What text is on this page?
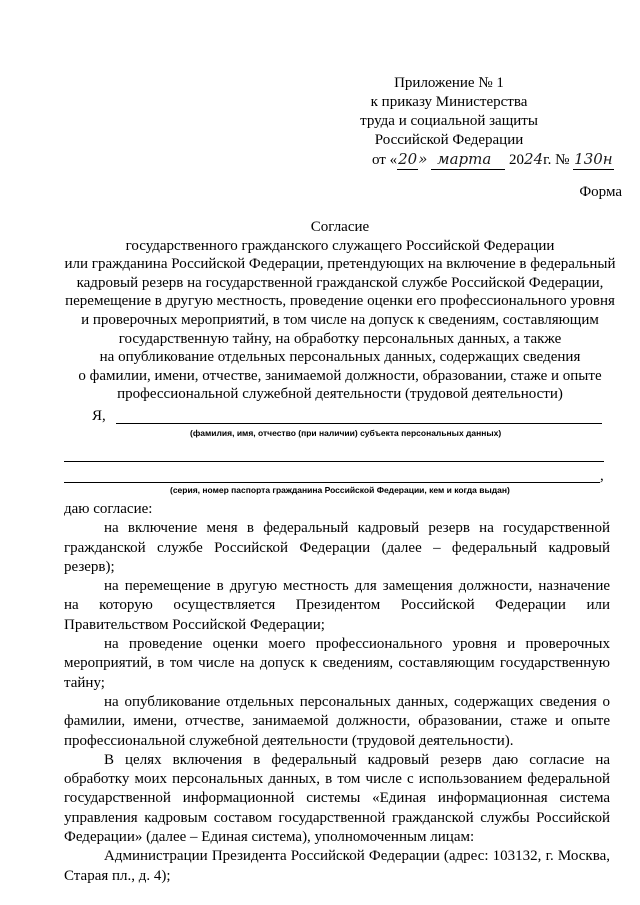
Приложение № 1
к приказу Министерства
труда и социальной защиты
Российской Федерации
от «20» марта 2024г. № 130н
Форма
Согласие
государственного гражданского служащего Российской Федерации
или гражданина Российской Федерации, претендующих на включение в федеральный
кадровый резерв на государственной гражданской службе Российской Федерации,
перемещение в другую местность, проведение оценки его профессионального уровня
и проверочных мероприятий, в том числе на допуск к сведениям, составляющим
государственную тайну, на обработку персональных данных, а также
на опубликование отдельных персональных данных, содержащих сведения
о фамилии, имени, отчестве, занимаемой должности, образовании, стаже и опыте
профессиональной служебной деятельности (трудовой деятельности)
Я,
(фамилия, имя, отчество (при наличии) субъекта персональных данных)
,
(серия, номер паспорта гражданина Российской Федерации, кем и когда выдан)

даю согласие:

на включение меня в федеральный кадровый резерв на государственной гражданской службе Российской Федерации (далее – федеральный кадровый резерв);

на перемещение в другую местность для замещения должности, назначение на которую осуществляется Президентом Российской Федерации или Правительством Российской Федерации;

на проведение оценки моего профессионального уровня и проверочных мероприятий, в том числе на допуск к сведениям, составляющим государственную тайну;

на опубликование отдельных персональных данных, содержащих сведения о фамилии, имени, отчестве, занимаемой должности, образовании, стаже и опыте профессиональной служебной деятельности (трудовой деятельности).

В целях включения в федеральный кадровый резерв даю согласие на обработку моих персональных данных, в том числе с использованием федеральной государственной информационной системы «Единая информационная система управления кадровым составом государственной гражданской службы Российской Федерации» (далее – Единая система), уполномоченным лицам:

Администрации Президента Российской Федерации (адрес: 103132, г. Москва, Старая пл., д. 4);
